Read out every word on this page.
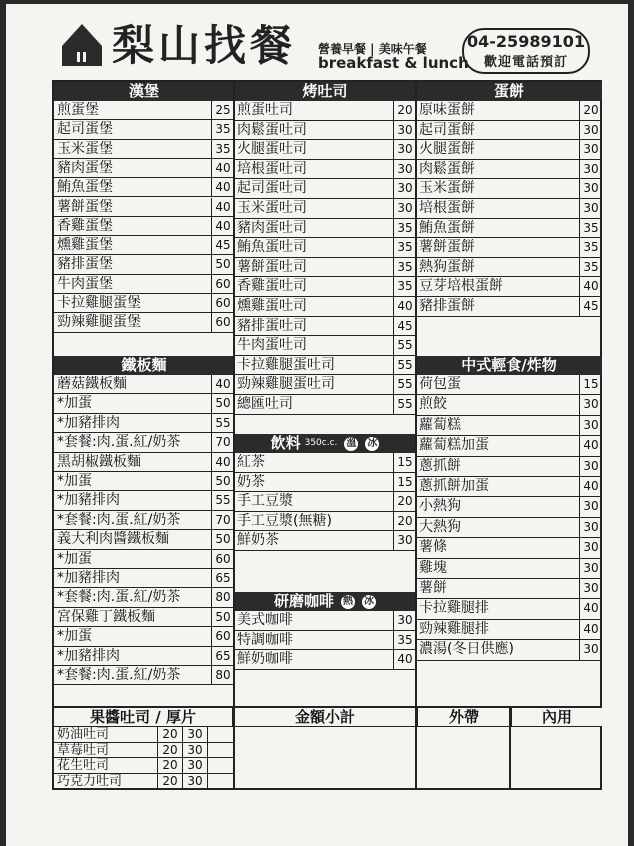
梨山找餐 營養早餐 | 美味午餐
breakfast & lunch
04-25989101
歡迎電話預訂
漢堡	烤吐司	蛋餅
煎蛋堡	25
起司蛋堡	35
玉米蛋堡	35
豬肉蛋堡	40
鮪魚蛋堡	40
薯餅蛋堡	40
香雞蛋堡	40
燻雞蛋堡	45
豬排蛋堡	50
牛肉蛋堡	60
卡拉雞腿蛋堡	60
勁辣雞腿蛋堡	60
鐵板麵
蘑菇鐵板麵	40
*加蛋	50
*加豬排肉	55
*套餐:肉.蛋.紅/奶茶	70
黑胡椒鐵板麵	40
*加蛋	50
*加豬排肉	55
*套餐:肉.蛋.紅/奶茶	70
義大利肉醬鐵板麵	50
*加蛋	60
*加豬排肉	65
*套餐:肉.蛋.紅/奶茶	80
宮保雞丁鐵板麵	50
*加蛋	60
*加豬排肉	65
*套餐:肉.蛋.紅/奶茶	80
煎蛋吐司	20
肉鬆蛋吐司	30
火腿蛋吐司	30
培根蛋吐司	30
起司蛋吐司	30
玉米蛋吐司	30
豬肉蛋吐司	35
鮪魚蛋吐司	35
薯餅蛋吐司	35
香雞蛋吐司	35
燻雞蛋吐司	40
豬排蛋吐司	45
牛肉蛋吐司	55
卡拉雞腿蛋吐司	55
勁辣雞腿蛋吐司	55
總匯吐司	55
飲料 350c.c. 溫 冰
紅茶	15
奶茶	15
手工豆漿	20
手工豆漿(無糖)	20
鮮奶茶	30
研磨咖啡 熱 冰
美式咖啡	30
特調咖啡	35
鮮奶咖啡	40
原味蛋餅	20
起司蛋餅	30
火腿蛋餅	30
肉鬆蛋餅	30
玉米蛋餅	30
培根蛋餅	30
鮪魚蛋餅	35
薯餅蛋餅	35
熱狗蛋餅	35
豆芽培根蛋餅	40
豬排蛋餅	45
中式輕食/炸物
荷包蛋	15
煎餃	30
蘿蔔糕	30
蘿蔔糕加蛋	40
蔥抓餅	30
蔥抓餅加蛋	40
小熱狗	30
大熱狗	30
薯條	30
雞塊	30
薯餅	30
卡拉雞腿排	40
勁辣雞腿排	40
濃湯(冬日供應)	30
果醬吐司 / 厚片	金額小計	外帶	內用
奶油吐司	20 30
草莓吐司	20 30
花生吐司	20 30
巧克力吐司	20 30
